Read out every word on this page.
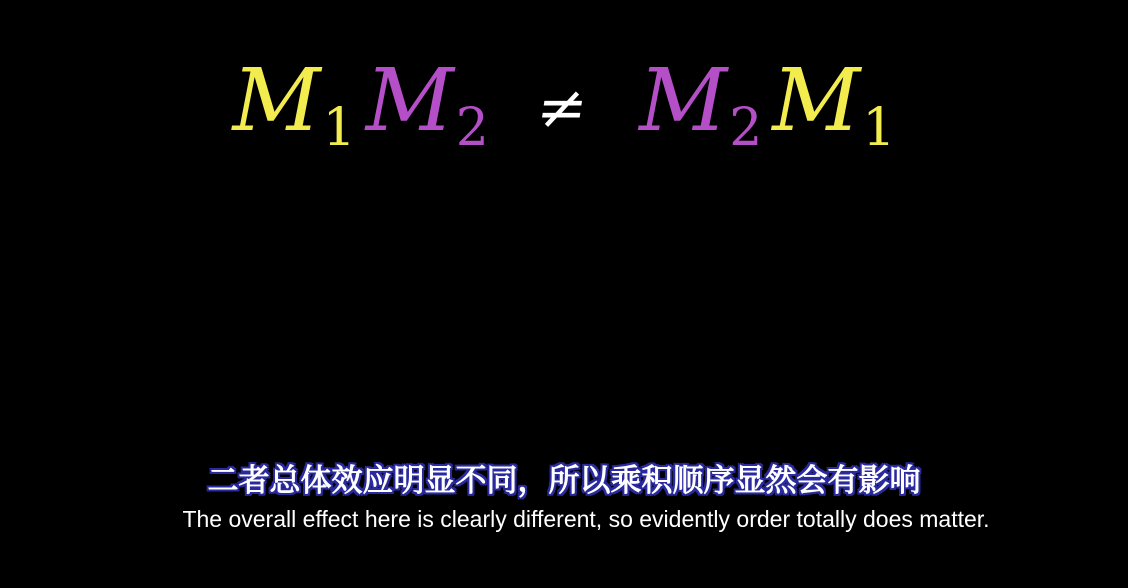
M 1 M 2 ≠ M 2 M 1
二者总体效应明显不同，所以乘积顺序显然会有影响
The overall effect here is clearly different, so evidently order totally does matter.
